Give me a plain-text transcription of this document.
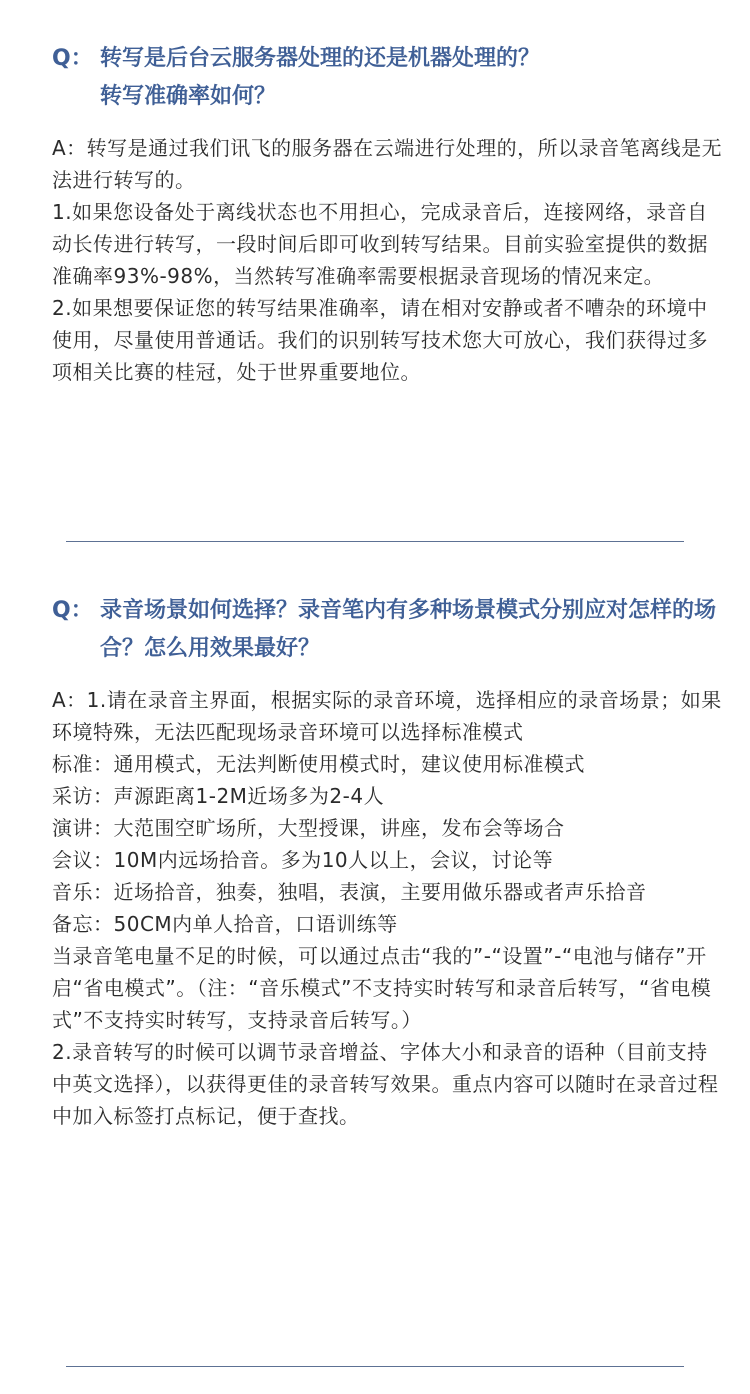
Q： 转写是后台云服务器处理的还是机器处理的？
转写准确率如何？

A：转写是通过我们讯飞的服务器在云端进行处理的，所以录音笔离线是无法进行转写的。

1.如果您设备处于离线状态也不用担心，完成录音后，连接网络，录音自动长传进行转写，一段时间后即可收到转写结果。目前实验室提供的数据准确率93%-98%，当然转写准确率需要根据录音现场的情况来定。

2.如果想要保证您的转写结果准确率，请在相对安静或者不嘈杂的环境中使用，尽量使用普通话。我们的识别转写技术您大可放心，我们获得过多项相关比赛的桂冠，处于世界重要地位。

Q： 录音场景如何选择？录音笔内有多种场景模式分别应对怎样的场合？怎么用效果最好？

A：1.请在录音主界面，根据实际的录音环境，选择相应的录音场景；如果环境特殊，无法匹配现场录音环境可以选择标准模式

标准：通用模式，无法判断使用模式时，建议使用标准模式

采访：声源距离1-2M近场多为2-4人

演讲：大范围空旷场所，大型授课，讲座，发布会等场合

会议：10M内远场拾音。多为10人以上，会议，讨论等

音乐：近场拾音，独奏，独唱，表演，主要用做乐器或者声乐拾音

备忘：50CM内单人拾音，口语训练等

当录音笔电量不足的时候，可以通过点击“我的”-“设置”-“电池与储存”开启“省电模式”。（注：“音乐模式”不支持实时转写和录音后转写，“省电模式”不支持实时转写，支持录音后转写。）

2.录音转写的时候可以调节录音增益、字体大小和录音的语种（目前支持中英文选择），以获得更佳的录音转写效果。重点内容可以随时在录音过程中加入标签打点标记，便于查找。
